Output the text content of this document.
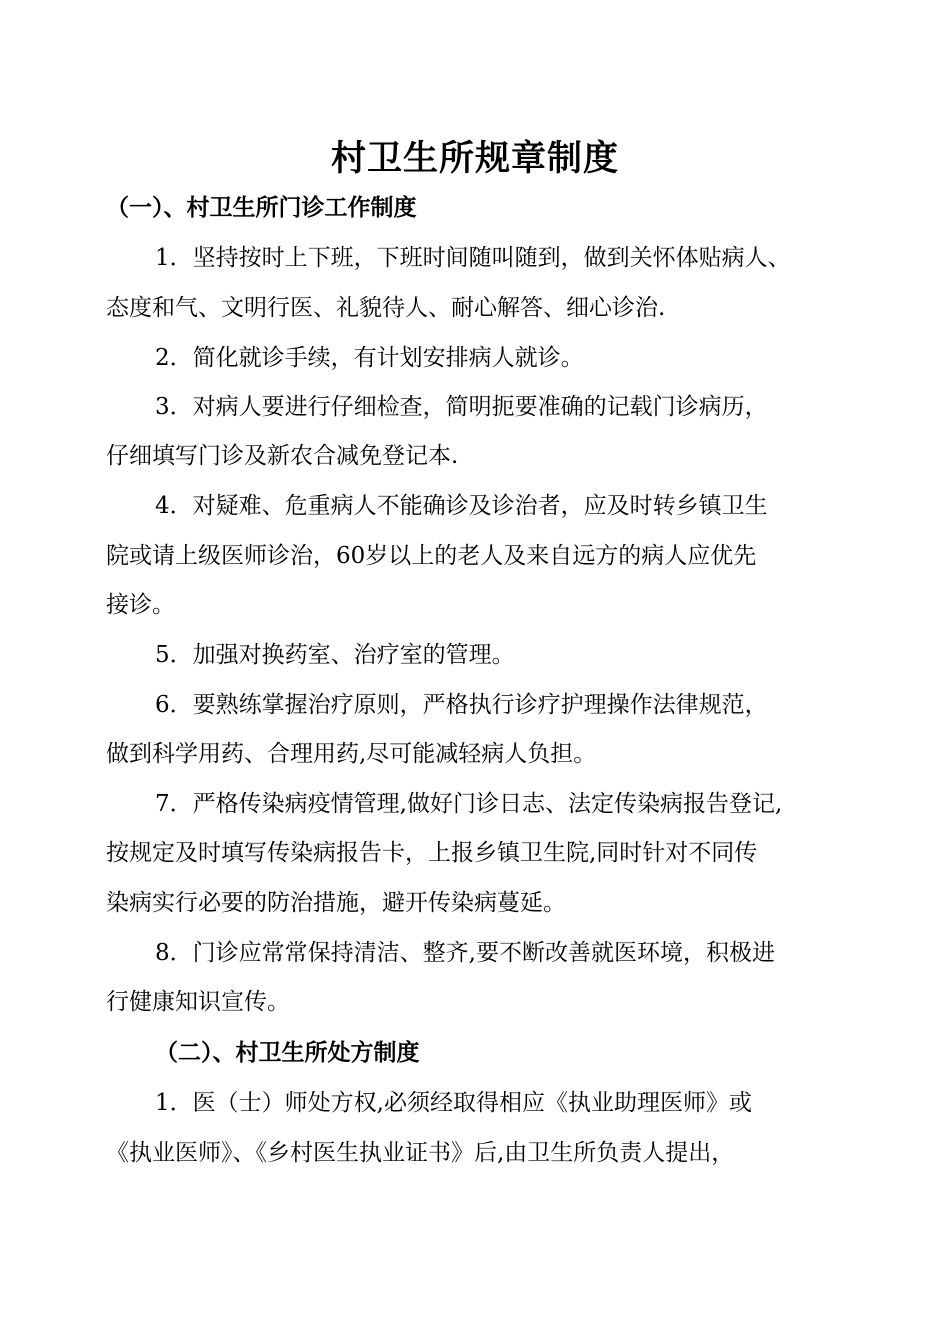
村卫生所规章制度
（一）、村卫生所门诊工作制度
1．坚持按时上下班，下班时间随叫随到，做到关怀体贴病人、
态度和气、文明行医、礼貌待人、耐心解答、细心诊治.
2．简化就诊手续，有计划安排病人就诊。
3．对病人要进行仔细检查，简明扼要准确的记载门诊病历，
仔细填写门诊及新农合减免登记本.
4．对疑难、危重病人不能确诊及诊治者，应及时转乡镇卫生
院或请上级医师诊治，60岁以上的老人及来自远方的病人应优先
接诊。
5．加强对换药室、治疗室的管理。
6．要熟练掌握治疗原则，严格执行诊疗护理操作法律规范，
做到科学用药、合理用药,尽可能减轻病人负担。
7．严格传染病疫情管理,做好门诊日志、法定传染病报告登记,
按规定及时填写传染病报告卡，上报乡镇卫生院,同时针对不同传
染病实行必要的防治措施，避开传染病蔓延。
8．门诊应常常保持清洁、整齐,要不断改善就医环境，积极进
行健康知识宣传。
（二）、村卫生所处方制度
1．医（士）师处方权,必须经取得相应《执业助理医师》或
《执业医师》、《乡村医生执业证书》后,由卫生所负责人提出，
